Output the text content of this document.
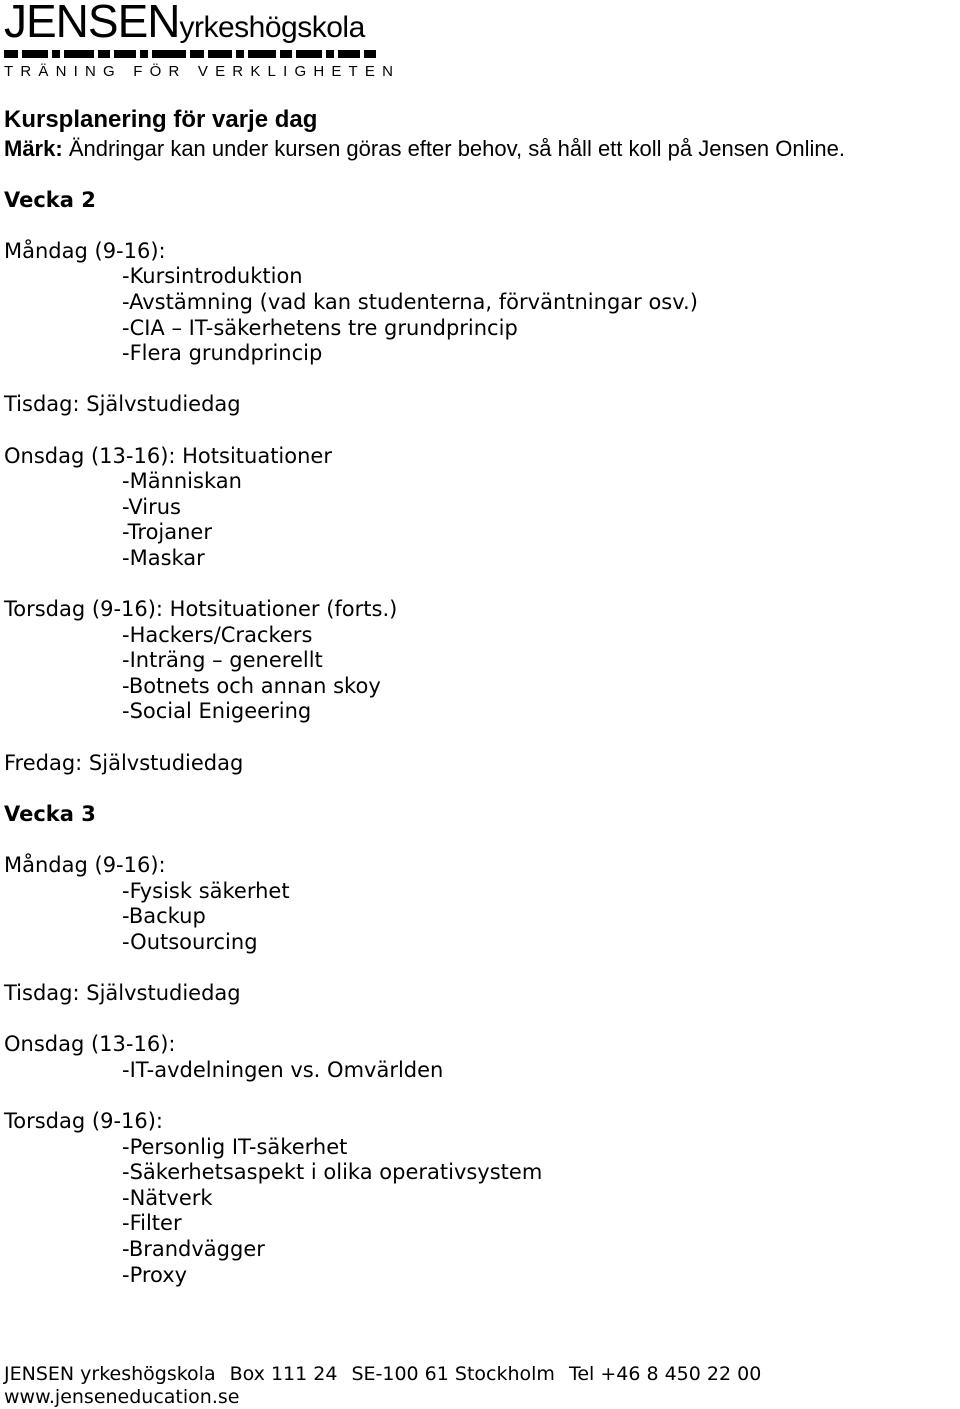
JENSENyrkeshögskola
TRÄNING FÖR VERKLIGHETEN
Kursplanering för varje dag

Märk: Ändringar kan under kursen göras efter behov, så håll ett koll på Jensen Online.

Vecka 2
Måndag (9-16):
-Kursintroduktion
-Avstämning (vad kan studenterna, förväntningar osv.)
-CIA – IT-säkerhetens tre grundprincip
-Flera grundprincip
Tisdag: Självstudiedag
Onsdag (13-16): Hotsituationer
-Människan
-Virus
-Trojaner
-Maskar
Torsdag (9-16): Hotsituationer (forts.)
-Hackers/Crackers
-Inträng – generellt
-Botnets och annan skoy
-Social Enigeering
Fredag: Självstudiedag
Vecka 3
Måndag (9-16):
-Fysisk säkerhet
-Backup
-Outsourcing
Tisdag: Självstudiedag
Onsdag (13-16):
-IT-avdelningen vs. Omvärlden
Torsdag (9-16):
-Personlig IT-säkerhet
-Säkerhetsaspekt i olika operativsystem
-Nätverk
-Filter
-Brandvägger
-Proxy
JENSEN yrkeshögskola Box 111 24 SE-100 61 Stockholm Tel +46 8 450 22 00
www.jenseneducation.se
